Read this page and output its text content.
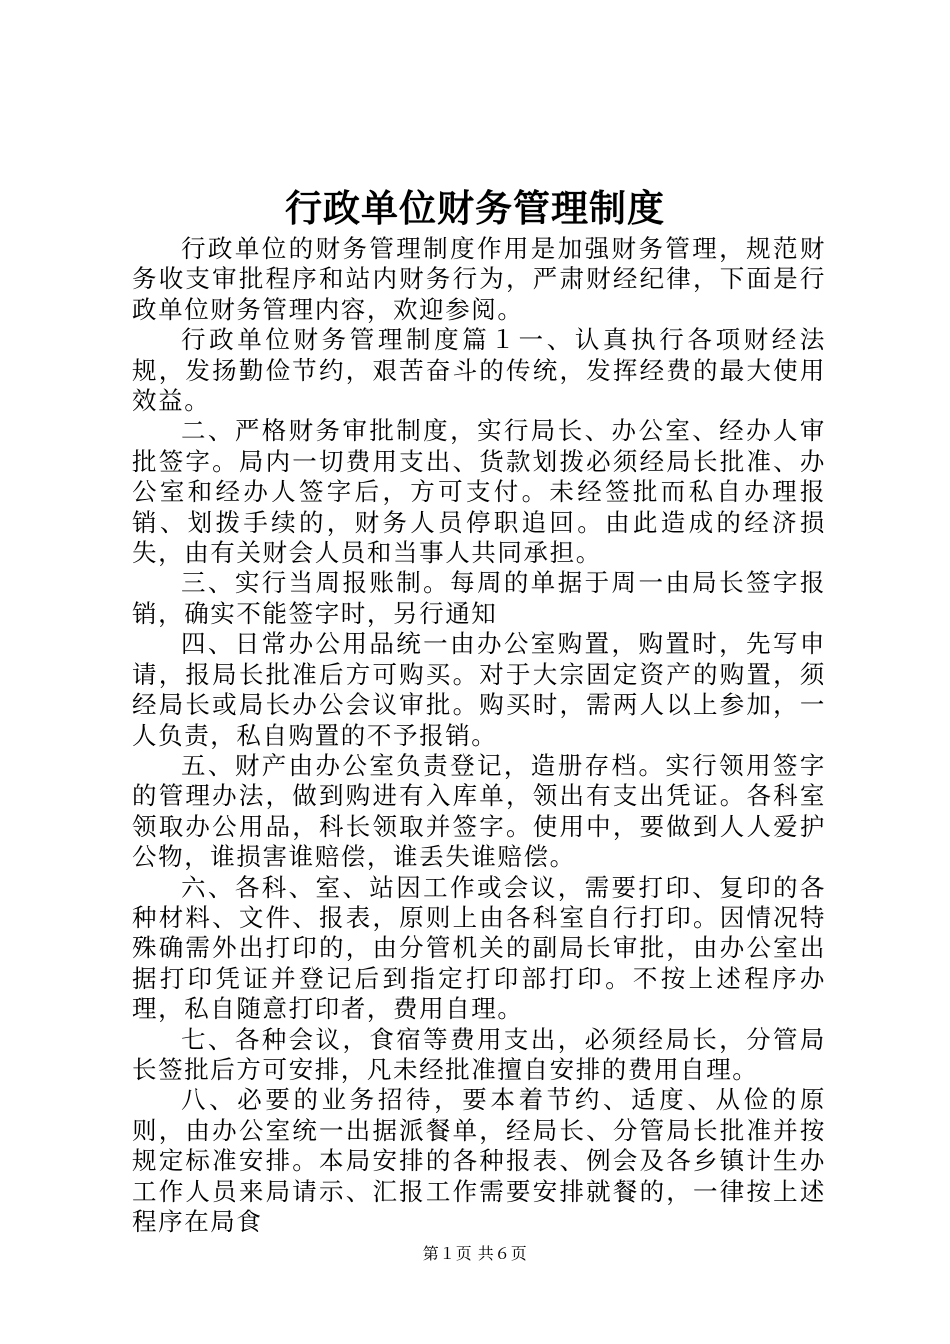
行政单位财务管理制度

行政单位的财务管理制度作用是加强财务管理，规范财务收支审批程序和站内财务行为，严肃财经纪律，下面是行政单位财务管理内容，欢迎参阅。

行政单位财务管理制度篇１一、认真执行各项财经法规，发扬勤俭节约，艰苦奋斗的传统，发挥经费的最大使用效益。

二、严格财务审批制度，实行局长、办公室、经办人审批签字。局内一切费用支出、货款划拨必须经局长批准、办公室和经办人签字后，方可支付。未经签批而私自办理报销、划拨手续的，财务人员停职追回。由此造成的经济损失，由有关财会人员和当事人共同承担。

三、实行当周报账制。每周的单据于周一由局长签字报销，确实不能签字时，另行通知

四、日常办公用品统一由办公室购置，购置时，先写申请，报局长批准后方可购买。对于大宗固定资产的购置，须经局长或局长办公会议审批。购买时，需两人以上参加，一人负责，私自购置的不予报销。

五、财产由办公室负责登记，造册存档。实行领用签字的管理办法，做到购进有入库单，领出有支出凭证。各科室领取办公用品，科长领取并签字。使用中，要做到人人爱护公物，谁损害谁赔偿，谁丢失谁赔偿。

六、各科、室、站因工作或会议，需要打印、复印的各种材料、文件、报表，原则上由各科室自行打印。因情况特殊确需外出打印的，由分管机关的副局长审批，由办公室出据打印凭证并登记后到指定打印部打印。不按上述程序办理，私自随意打印者，费用自理。

七、各种会议，食宿等费用支出，必须经局长，分管局长签批后方可安排，凡未经批准擅自安排的费用自理。

八、必要的业务招待，要本着节约、适度、从俭的原则，由办公室统一出据派餐单，经局长、分管局长批准并按规定标准安排。本局安排的各种报表、例会及各乡镇计生办工作人员来局请示、汇报工作需要安排就餐的，一律按上述程序在局食

第１页 共６页
